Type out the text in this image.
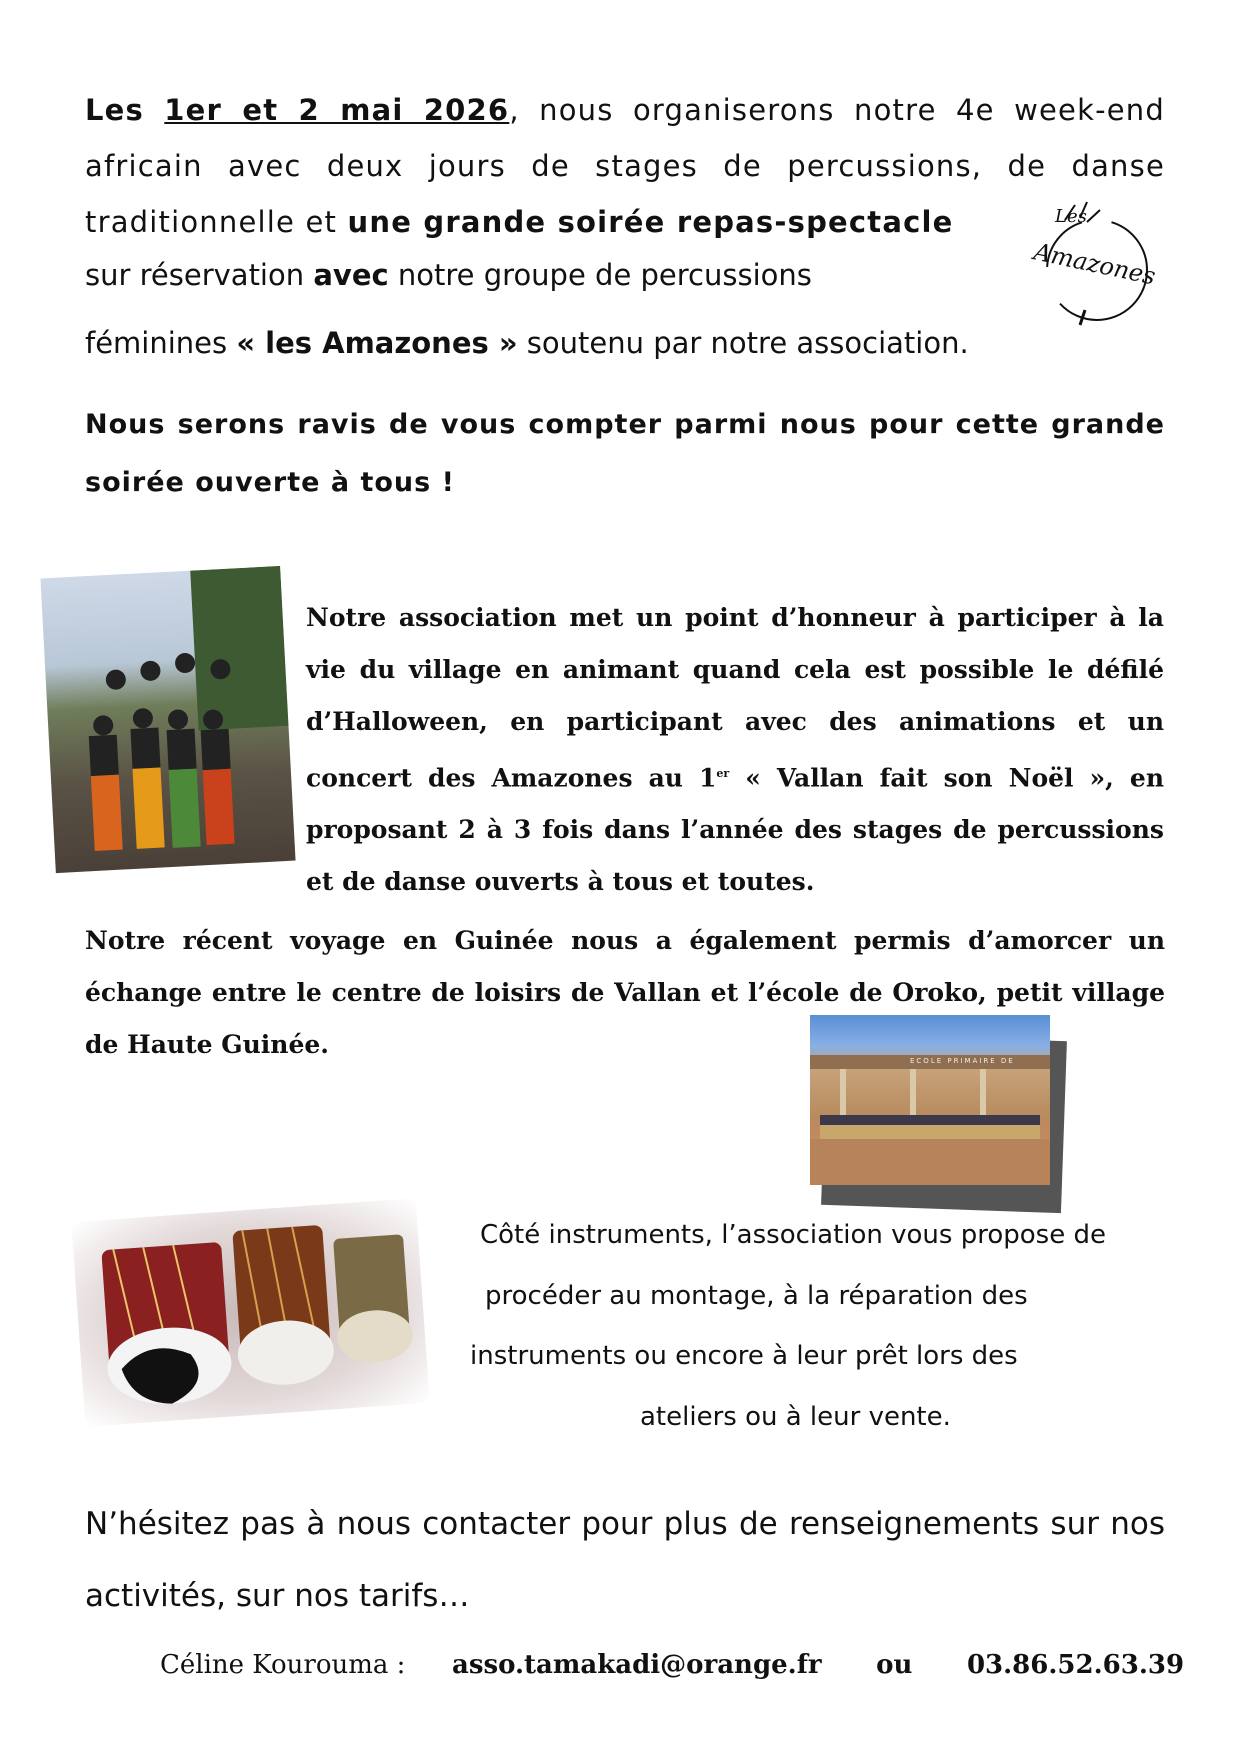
Les 1er et 2 mai 2026, nous organiserons notre 4e week-end africain avec deux jours de stages de percussions, de danse traditionnelle et une grande soirée repas-spectacle

sur réservation avec notre groupe de percussions
féminines « les Amazones » soutenu par notre association.

Nous serons ravis de vous compter parmi nous pour cette grande soirée ouverte à tous !

Les
Amazones

Notre association met un point d’honneur à participer à la vie du village en animant quand cela est possible le défilé d’Halloween, en participant avec des animations et un concert des Amazones au 1er « Vallan fait son Noël », en proposant 2 à 3 fois dans l’année des stages de percussions et de danse ouverts à tous et toutes.

Notre récent voyage en Guinée nous a également permis d’amorcer un échange entre le centre de loisirs de Vallan et l’école de Oroko, petit village de Haute Guinée.

ECOLE PRIMAIRE DE
Côté instruments, l’association vous propose de
procéder au montage, à la réparation des
instruments ou encore à leur prêt lors des
ateliers ou à leur vente.

N’hésitez pas à nous contacter pour plus de renseignements sur nos activités, sur nos tarifs…

Céline Kourouma : asso.tamakadi@orange.fr ou 03.86.52.63.39
